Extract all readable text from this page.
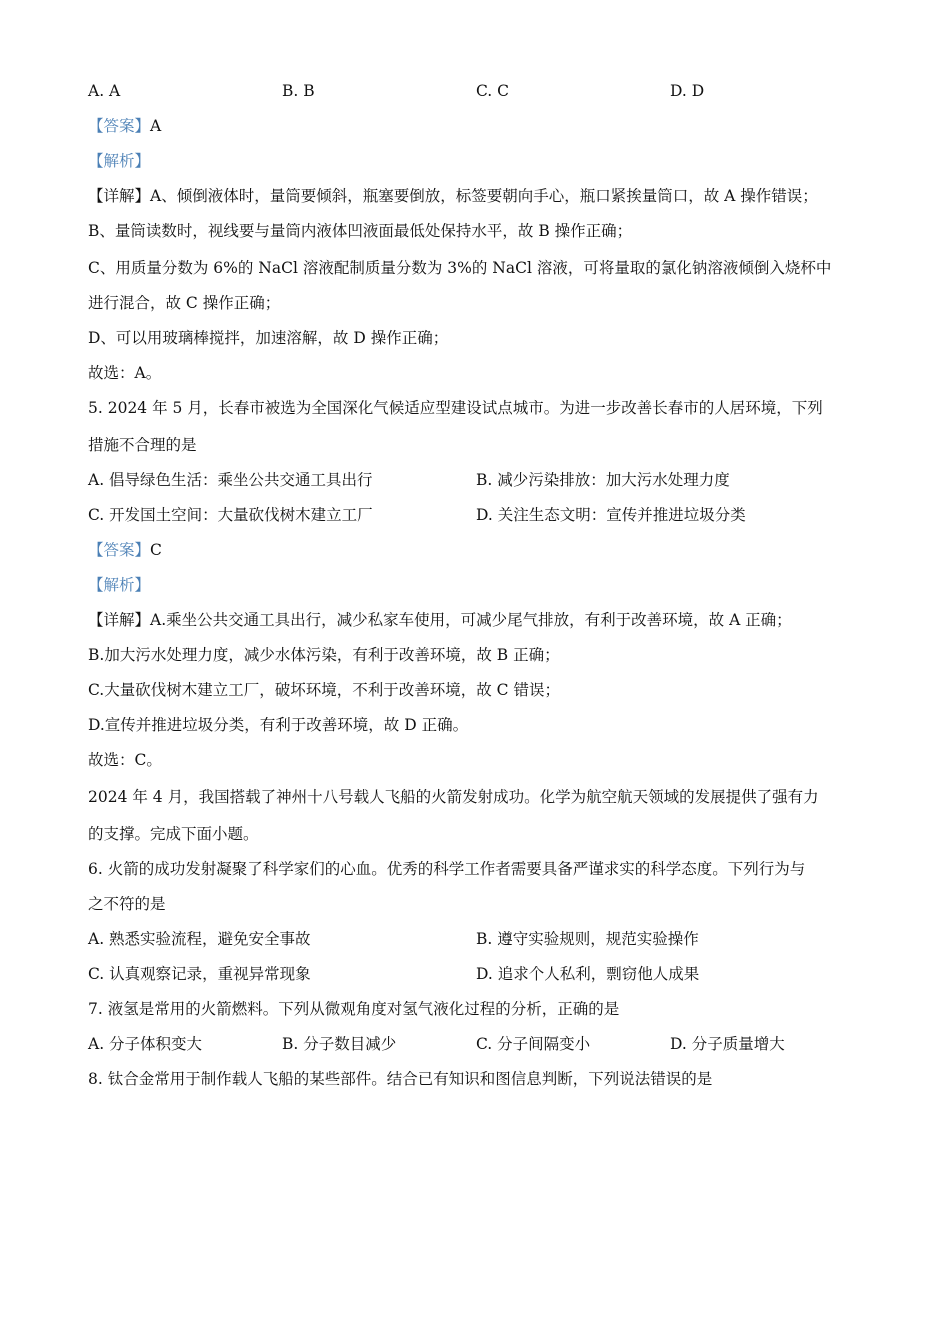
A. A	B. B	C. C	D. D
【答案】A
【解析】
【详解】A、倾倒液体时，量筒要倾斜，瓶塞要倒放，标签要朝向手心，瓶口紧挨量筒口，故 A 操作错误；
B、量筒读数时，视线要与量筒内液体凹液面最低处保持水平，故 B 操作正确；
C、用质量分数为 6%的 NaCl 溶液配制质量分数为 3%的 NaCl 溶液，可将量取的氯化钠溶液倾倒入烧杯中
进行混合，故 C 操作正确；
D、可以用玻璃棒搅拌，加速溶解，故 D 操作正确；
故选：A。
5. 2024 年 5 月，长春市被选为全国深化气候适应型建设试点城市。为进一步改善长春市的人居环境，下列
措施不合理的是
A. 倡导绿色生活：乘坐公共交通工具出行	B. 减少污染排放：加大污水处理力度
C. 开发国土空间：大量砍伐树木建立工厂	D. 关注生态文明：宣传并推进垃圾分类
【答案】C
【解析】
【详解】A.乘坐公共交通工具出行，减少私家车使用，可减少尾气排放，有利于改善环境，故 A 正确；
B.加大污水处理力度，减少水体污染，有利于改善环境，故 B 正确；
C.大量砍伐树木建立工厂，破坏环境，不利于改善环境，故 C 错误；
D.宣传并推进垃圾分类，有利于改善环境，故 D 正确。
故选：C。
2024 年 4 月，我国搭载了神州十八号载人飞船的火箭发射成功。化学为航空航天领域的发展提供了强有力
的支撑。完成下面小题。
6. 火箭的成功发射凝聚了科学家们的心血。优秀的科学工作者需要具备严谨求实的科学态度。下列行为与
之不符的是
A. 熟悉实验流程，避免安全事故	B. 遵守实验规则，规范实验操作
C. 认真观察记录，重视异常现象	D. 追求个人私利，剽窃他人成果
7. 液氢是常用的火箭燃料。下列从微观角度对氢气液化过程的分析，正确的是
A. 分子体积变大	B. 分子数目减少	C. 分子间隔变小	D. 分子质量增大
8. 钛合金常用于制作载人飞船的某些部件。结合已有知识和图信息判断，下列说法错误的是
